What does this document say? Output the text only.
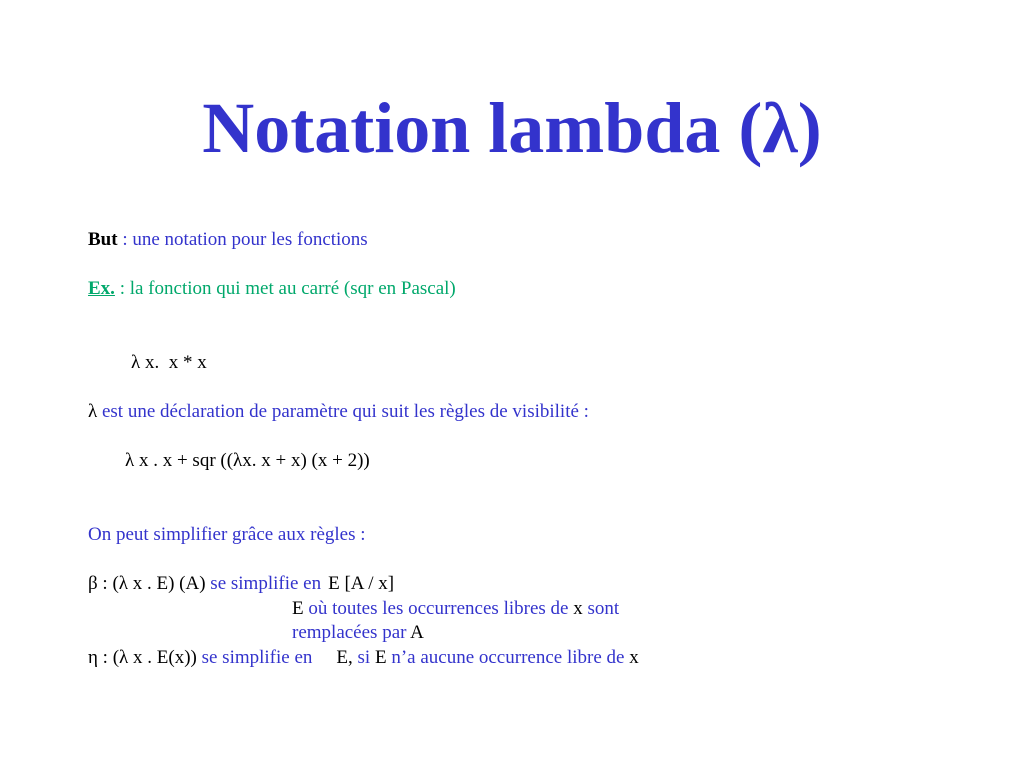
Notation lambda (λ)
But : une notation pour les fonctions
Ex. : la fonction qui met au carré (sqr en Pascal)
λ x.  x * x
λ est une déclaration de paramètre qui suit les règles de visibilité :
λ x . x + sqr ((λx. x + x) (x + 2))
On peut simplifier grâce aux règles :
β : (λ x . E) (A) se simplifie en E [A / x]
E où toutes les occurrences libres de x sont
remplacées par A
η : (λ x . E(x)) se simplifie en E, si E n’a aucune occurrence libre de x
